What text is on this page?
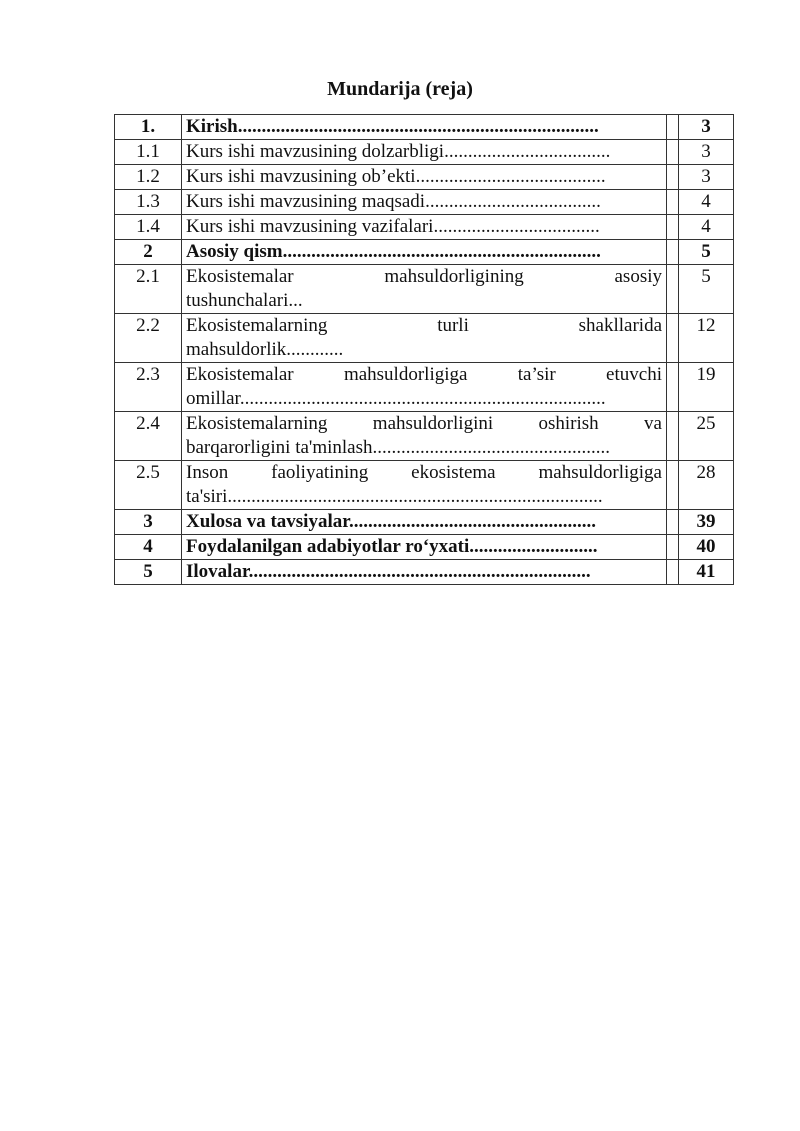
Mundarija (reja)
1.	Kirish............................................................................		3
1.1	Kurs ishi mavzusining dolzarbligi...................................		3
1.2	Kurs ishi mavzusining ob’ekti........................................		3
1.3	Kurs ishi mavzusining maqsadi.....................................		4
1.4	Kurs ishi mavzusining vazifalari...................................		4
2	Asosiy qism...................................................................		5
2.1	Ekosistemalar mahsuldorligining asosiy
tushunchalari...		5
2.2	Ekosistemalarning turli shakllarida
mahsuldorlik............		12
2.3	Ekosistemalar mahsuldorligiga ta’sir etuvchi
omillar.............................................................................		19
2.4	Ekosistemalarning mahsuldorligini oshirish va
barqarorligini ta'minlash..................................................		25
2.5	Inson faoliyatining ekosistema mahsuldorligiga
ta'siri...............................................................................		28
3	Xulosa va tavsiyalar....................................................		39
4	Foydalanilgan adabiyotlar ro‘yxati...........................		40
5	Ilovalar........................................................................		41
